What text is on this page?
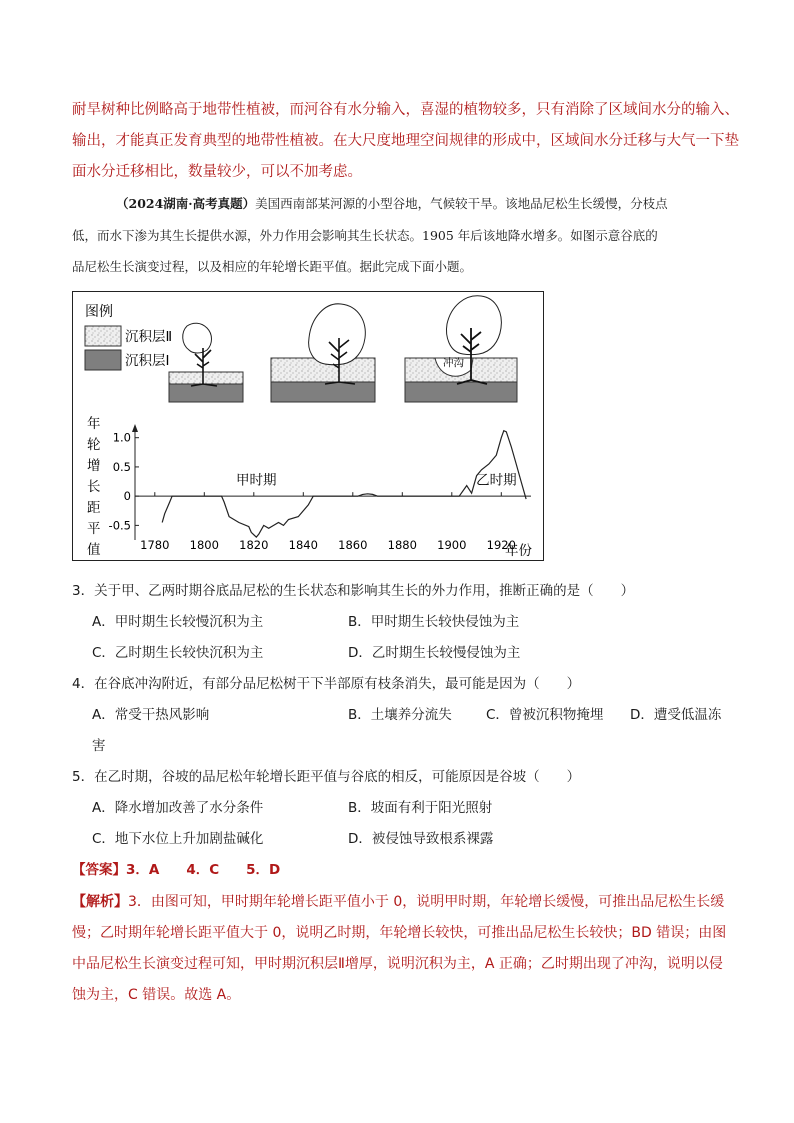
耐旱树种比例略高于地带性植被，而河谷有水分输入，喜湿的植物较多，只有消除了区域间水分的输入、
输出，才能真正发育典型的地带性植被。在大尺度地理空间规律的形成中，区域间水分迁移与大气一下垫
面水分迁移相比，数量较少，可以不加考虑。
（2024湖南·高考真题）美国西南部某河源的小型谷地，气候较干旱。该地品尼松生长缓慢，分枝点
低，而水下渗为其生长提供水源，外力作用会影响其生长状态。1905 年后该地降水增多。如图示意谷底的
品尼松生长演变过程，以及相应的年轮增长距平值。据此完成下面小题。
图例
沉积层Ⅱ
沉积层Ⅰ	冲沟
年
轮
增
长
距
平
值
1.0
0.5
0
-0.5
1780 1800 1820 1840 1860 1880 1900 1920
甲时期	乙时期
年份
3．关于甲、乙两时期谷底品尼松的生长状态和影响其生长的外力作用，推断正确的是（　　）
A．甲时期生长较慢沉积为主	B．甲时期生长较快侵蚀为主
C．乙时期生长较快沉积为主	D．乙时期生长较慢侵蚀为主
4．在谷底冲沟附近，有部分品尼松树干下半部原有枝条消失，最可能是因为（　　）
A．常受干热风影响	B．土壤养分流失	C．曾被沉积物掩埋 D．遭受低温冻
害
5．在乙时期，谷坡的品尼松年轮增长距平值与谷底的相反，可能原因是谷坡（　　）
A．降水增加改善了水分条件	B．坡面有利于阳光照射
C．地下水位上升加剧盐碱化	D．被侵蚀导致根系裸露
【答案】3．A　　4．C　　5．D
【解析】3．由图可知，甲时期年轮增长距平值小于 0，说明甲时期，年轮增长缓慢，可推出品尼松生长缓
慢；乙时期年轮增长距平值大于 0，说明乙时期，年轮增长较快，可推出品尼松生长较快；BD 错误；由图
中品尼松生长演变过程可知，甲时期沉积层Ⅱ增厚，说明沉积为主，A 正确；乙时期出现了冲沟，说明以侵
蚀为主，C 错误。故选 A。
